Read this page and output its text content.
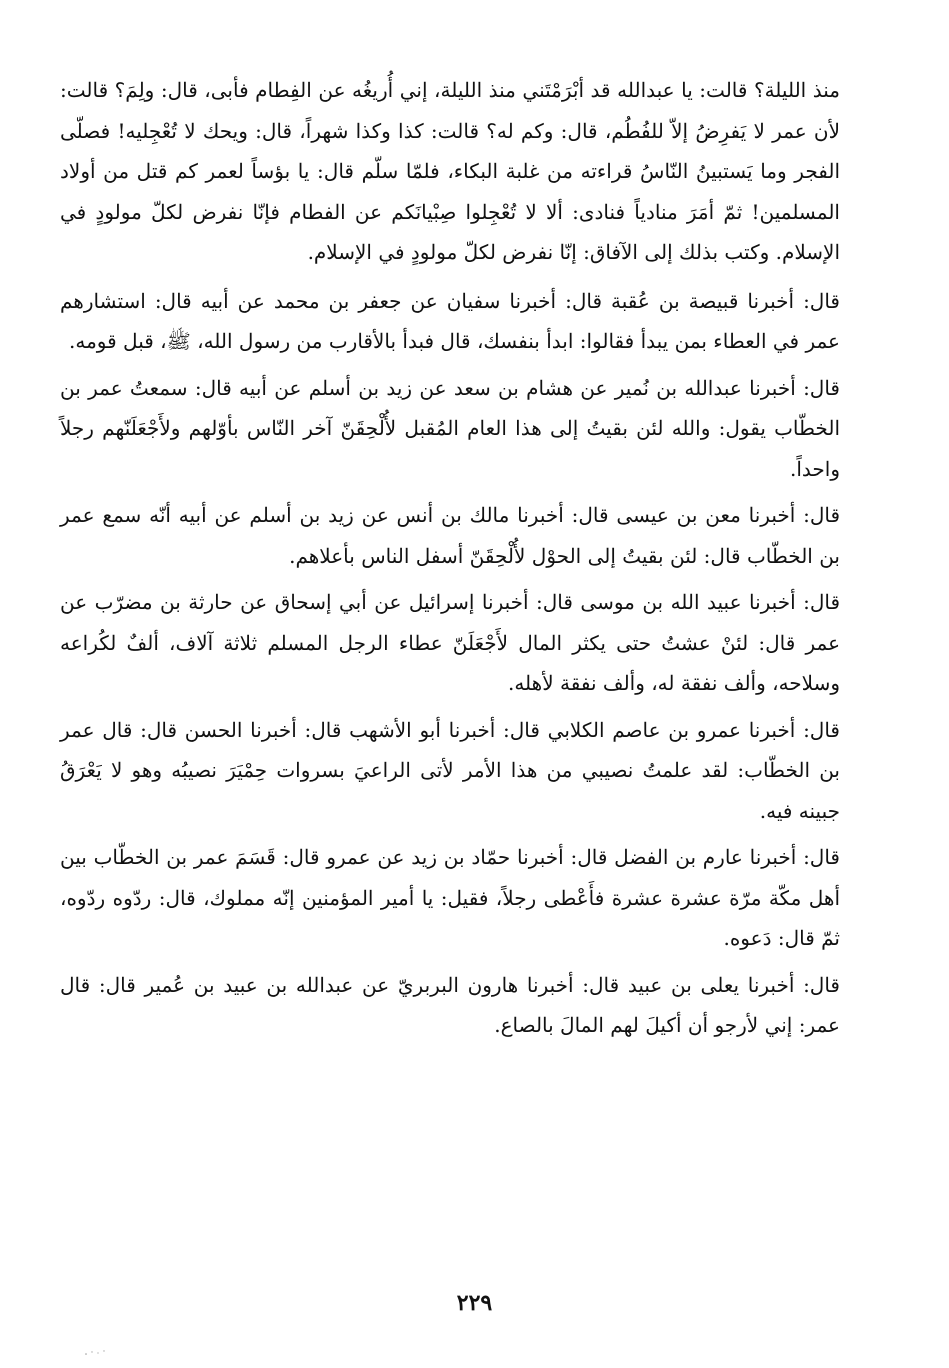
منذ الليلة؟ قالت: يا عبدالله قد أبْرَمْتَني منذ الليلة، إني أُريغُه عن الفِطام فأبى، قال: ولِمَ؟ قالت: لأن عمر لا يَفرِضُ إلاّ للفُطُم، قال: وكم له؟ قالت: كذا وكذا شهراً، قال: ويحك لا تُعْجِليه! فصلّى الفجر وما يَستبينُ النّاسُ قراءته من غلبة البكاء، فلمّا سلّم قال: يا بؤساً لعمر كم قتل من أولاد المسلمين! ثمّ أمَرَ منادياً فنادى: ألا لا تُعْجِلوا صِبْيانَكم عن الفطام فإنّا نفرض لكلّ مولودٍ في الإسلام. وكتب بذلك إلى الآفاق: إنّا نفرض لكلّ مولودٍ في الإسلام.

قال: أخبرنا قبيصة بن عُقبة قال: أخبرنا سفيان عن جعفر بن محمد عن أبيه قال: استشارهم عمر في العطاء بمن يبدأ فقالوا: ابدأ بنفسك، قال فبدأ بالأقارب من رسول الله، ﷺ، قبل قومه.

قال: أخبرنا عبدالله بن نُمير عن هشام بن سعد عن زيد بن أسلم عن أبيه قال: سمعتُ عمر بن الخطّاب يقول: والله لئن بقيتُ إلى هذا العام المُقبل لأُلْحِقَنّ آخر النّاس بأوّلهم ولأَجْعَلَنّهم رجلاً واحداً.

قال: أخبرنا معن بن عيسى قال: أخبرنا مالك بن أنس عن زيد بن أسلم عن أبيه أنّه سمع عمر بن الخطّاب قال: لئن بقيتُ إلى الحوْل لأُلْحِقَنّ أسفل الناس بأعلاهم.

قال: أخبرنا عبيد الله بن موسى قال: أخبرنا إسرائيل عن أبي إسحاق عن حارثة بن مضرّب عن عمر قال: لئنْ عشتُ حتى يكثر المال لأَجْعَلَنّ عطاء الرجل المسلم ثلاثة آلاف، ألفٌ لكُراعه وسلاحه، وألف نفقة له، وألف نفقة لأهله.

قال: أخبرنا عمرو بن عاصم الكلابي قال: أخبرنا أبو الأشهب قال: أخبرنا الحسن قال: قال عمر بن الخطّاب: لقد علمتُ نصيبي من هذا الأمر لأتى الراعيَ بسروات حِمْيَرَ نصيبُه وهو لا يَعْرَقُ جبينه فيه.

قال: أخبرنا عارم بن الفضل قال: أخبرنا حمّاد بن زيد عن عمرو قال: قَسَمَ عمر بن الخطّاب بين أهل مكّة مرّة عشرة عشرة فأَعْطى رجلاً، فقيل: يا أمير المؤمنين إنّه مملوك، قال: ردّوه ردّوه، ثمّ قال: دَعوه.

قال: أخبرنا يعلى بن عبيد قال: أخبرنا هارون البربريّ عن عبدالله بن عبيد بن عُمير قال: قال عمر: إني لأرجو أن أكيلَ لهم المالَ بالصاع.

٢٢٩
